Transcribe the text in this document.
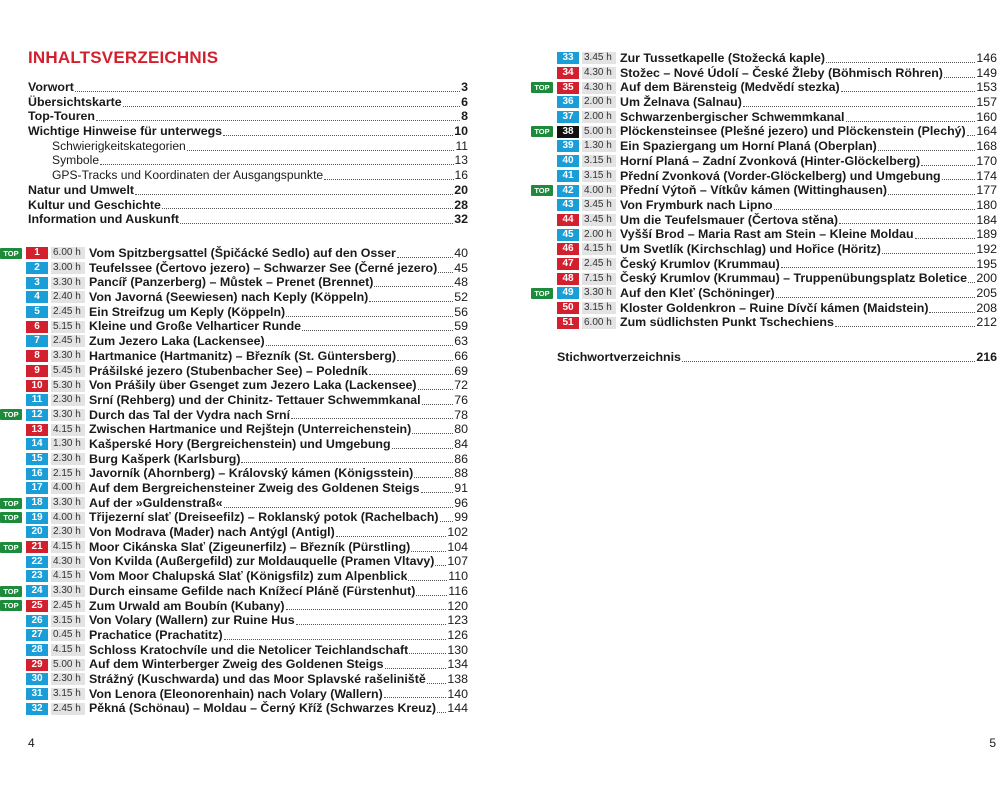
INHALTSVERZEICHNIS
Vorwort	3
Übersichtskarte	6
Top-Touren	8
Wichtige Hinweise für unterwegs	10
Schwierigkeitskategorien	11
Symbole	13
GPS-Tracks und Koordinaten der Ausgangspunkte	16
Natur und Umwelt	20
Kultur und Geschichte	28
Information und Auskunft	32
TOP	1	6.00 h Vom Spitzbergsattel (Špičácké Sedlo) auf den Osser	40
2	3.00 h Teufelssee (Čertovo jezero) – Schwarzer See (Černé jezero) 45
3	3.30 h Pancíř (Panzerberg) – Můstek – Prenet (Brennet)	48
4	2.40 h Von Javorná (Seewiesen) nach Keply (Köppeln)	52
5	2.45 h Ein Streifzug um Keply (Köppeln)	56
6	5.15 h Kleine und Große Velharticer Runde	59
7	2.45 h Zum Jezero Laka (Lackensee)	63
8	3.30 h Hartmanice (Hartmanitz) – Březník (St. Güntersberg)	66
9	5.45 h Prášilské jezero (Stubenbacher See) – Poledník	69
10	5.30 h Von Prášily über Gsenget zum Jezero Laka (Lackensee)	72
11	2.30 h Srní (Rehberg) und der Chinitz- Tettauer Schwemmkanal	76
TOP	12	3.30 h Durch das Tal der Vydra nach Srní	78
13	4.15 h Zwischen Hartmanice und Rejštejn (Unterreichenstein)	80
14	1.30 h Kašperské Hory (Bergreichenstein) und Umgebung	84
15	2.30 h Burg Kašperk (Karlsburg)	86
16	2.15 h Javorník (Ahornberg) – Královský kámen (Königsstein)	88
17	4.00 h Auf dem Bergreichensteiner Zweig des Goldenen Steigs	91
TOP	18	3.30 h Auf der »Guldenstraß«	96
TOP	19	4.00 h Třijezerní slať (Dreiseefilz) – Roklanský potok (Rachelbach) 99
20	2.30 h Von Modrava (Mader) nach Antýgl (Antigl)	102
TOP	21	4.15 h Moor Cikánska Slať (Zigeunerfilz) – Březník (Pürstling)	104
22	4.30 h Von Kvilda (Außergefild) zur Moldauquelle (Pramen Vltavy) 107
23	4.15 h Vom Moor Chalupská Slať (Königsfilz) zum Alpenblick	110
TOP	24	3.30 h Durch einsame Gefilde nach Knížecí Pláně (Fürstenhut)	116
TOP	25	2.45 h Zum Urwald am Boubín (Kubany)	120
26	3.15 h Von Volary (Wallern) zur Ruine Hus	123
27	0.45 h Prachatice (Prachatitz)	126
28	4.15 h Schloss Kratochvíle und die Netolicer Teichlandschaft	130
29	5.00 h Auf dem Winterberger Zweig des Goldenen Steigs	134
30	2.30 h Strážný (Kuschwarda) und das Moor Splavské rašeliniště 138
31	3.15 h Von Lenora (Eleonorenhain) nach Volary (Wallern)	140
32	2.45 h Pěkná (Schönau) – Moldau – Černý Kříž (Schwarzes Kreuz) 144
4
33	3.45 h Zur Tussetkapelle (Stožecká kaple)	146
34	4.30 h Stožec – Nové Údolí – České Žleby (Böhmisch Röhren)	149
TOP	35	4.30 h Auf dem Bärensteig (Medvědí stezka)	153
36	2.00 h Um Želnava (Salnau)	157
37	2.00 h Schwarzenbergischer Schwemmkanal	160
TOP	38	5.00 h Plöckensteinsee (Plešné jezero) und Plöckenstein (Plechý) 164
39	1.30 h Ein Spaziergang um Horní Planá (Oberplan)	168
40	3.15 h Horní Planá – Zadní Zvonková (Hinter-Glöckelberg)	170
41	3.15 h Přední Zvonková (Vorder-Glöckelberg) und Umgebung	174
TOP	42	4.00 h Přední Výtoň – Vítkův kámen (Wittinghausen)	177
43	3.45 h Von Frymburk nach Lipno	180
44	3.45 h Um die Teufelsmauer (Čertova stěna)	184
45	2.00 h Vyšší Brod – Maria Rast am Stein – Kleine Moldau	189
46	4.15 h Um Svetlík (Kirchschlag) und Hořice (Höritz)	192
47	2.45 h Český Krumlov (Krummau)	195
48	7.15 h Český Krumlov (Krummau) – Truppenübungsplatz Boletice 200
TOP	49	3.30 h Auf den Kleť (Schöninger)	205
50	3.15 h Kloster Goldenkron – Ruine Dívčí kámen (Maidstein)	208
51	6.00 h Zum südlichsten Punkt Tschechiens	212
Stichwortverzeichnis	216
5
